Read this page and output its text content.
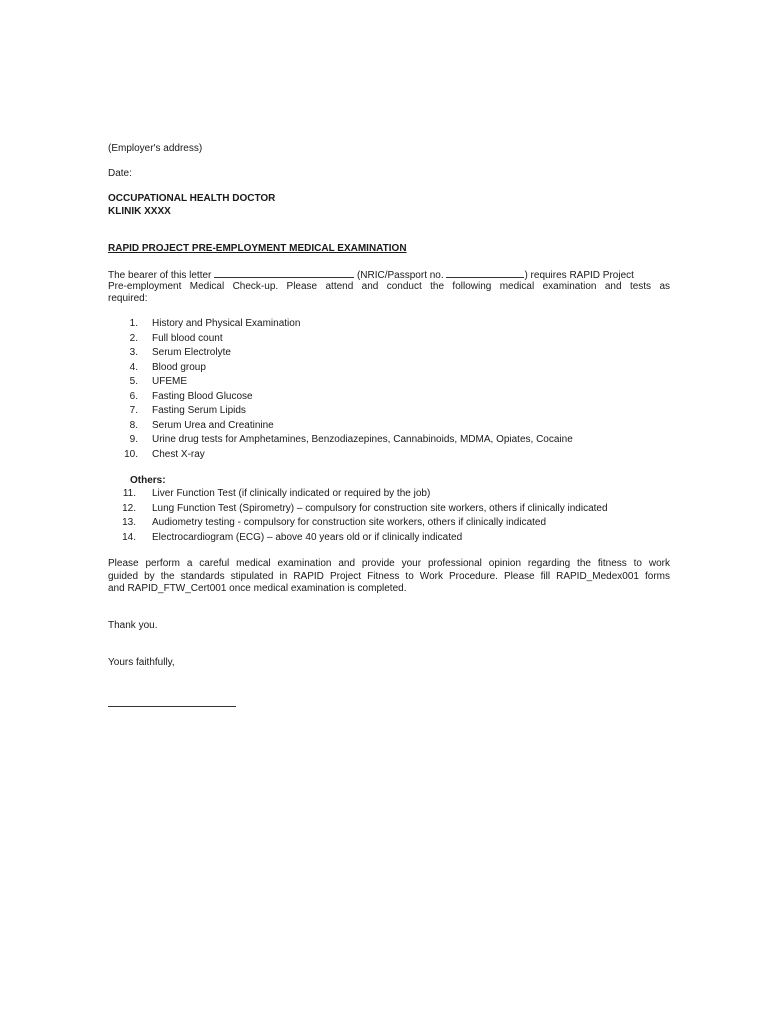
(Employer's address)
Date:
OCCUPATIONAL HEALTH DOCTOR
KLINIK XXXX
RAPID PROJECT PRE-EMPLOYMENT MEDICAL EXAMINATION
The bearer of this letter	(NRIC/Passport no.	) requires RAPID Project
Pre-employment Medical Check-up. Please attend and conduct the following medical examination and tests as
required:
1. History and Physical Examination
2. Full blood count
3. Serum Electrolyte
4. Blood group
5. UFEME
6. Fasting Blood Glucose
7. Fasting Serum Lipids
8. Serum Urea and Creatinine
9. Urine drug tests for Amphetamines, Benzodiazepines, Cannabinoids, MDMA, Opiates, Cocaine
10. Chest X-ray
Others:
11. Liver Function Test (if clinically indicated or required by the job)
12. Lung Function Test (Spirometry) – compulsory for construction site workers, others if clinically indicated
13. Audiometry testing - compulsory for construction site workers, others if clinically indicated
14. Electrocardiogram (ECG) – above 40 years old or if clinically indicated
Please perform a careful medical examination and provide your professional opinion regarding the fitness to work
guided by the standards stipulated in RAPID Project Fitness to Work Procedure. Please fill RAPID_Medex001 forms
and RAPID_FTW_Cert001 once medical examination is completed.
Thank you.
Yours faithfully,
